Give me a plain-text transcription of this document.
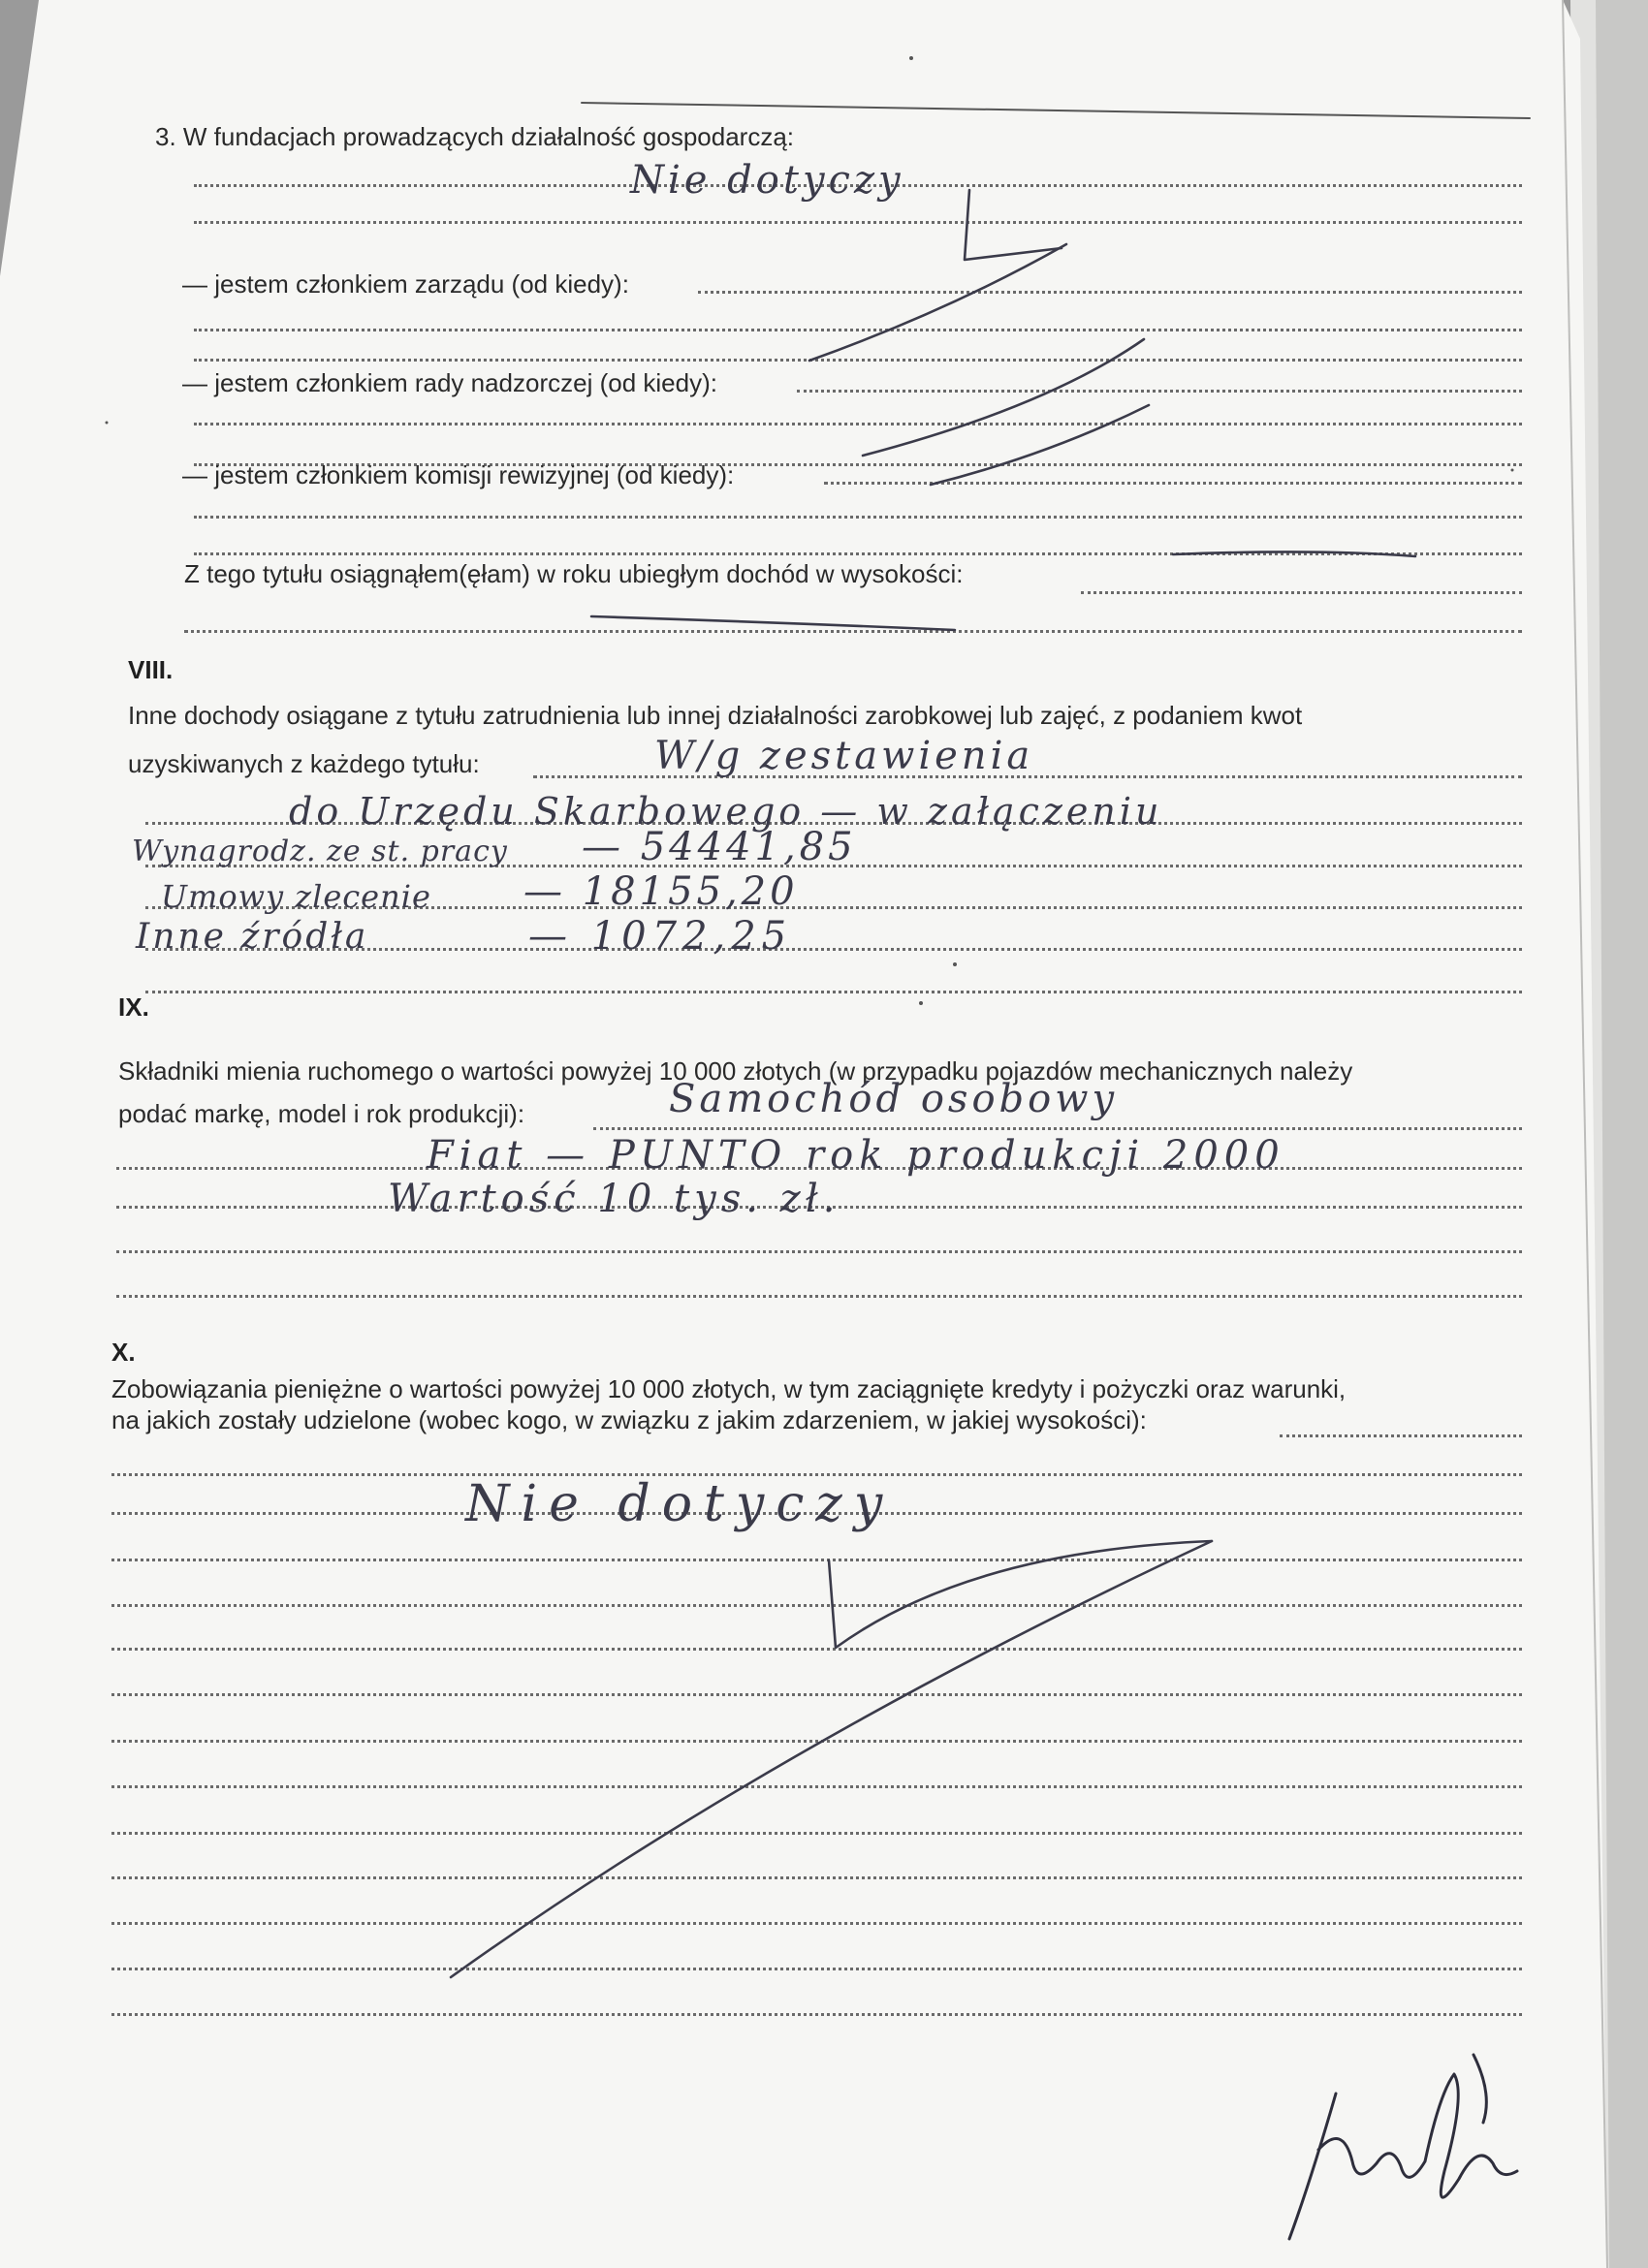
3. W fundacjach prowadzących działalność gospodarczą:
— jestem członkiem zarządu (od kiedy):
— jestem członkiem rady nadzorczej (od kiedy):
— jestem członkiem komisji rewizyjnej (od kiedy):
Z tego tytułu osiągnąłem(ęłam) w roku ubiegłym dochód w wysokości:
VIII.
Inne dochody osiągane z tytułu zatrudnienia lub innej działalności zarobkowej lub zajęć, z podaniem kwot
uzyskiwanych z każdego tytułu:
IX.
Składniki mienia ruchomego o wartości powyżej 10 000 złotych (w przypadku pojazdów mechanicznych należy
podać markę, model i rok produkcji):
X.
Zobowiązania pieniężne o wartości powyżej 10 000 złotych, w tym zaciągnięte kredyty i pożyczki oraz warunki,
na jakich zostały udzielone (wobec kogo, w związku z jakim zdarzeniem, w jakiej wysokości):
Nie dotyczy
W/g zestawienia
do Urzędu Skarbowego — w załączeniu
Wynagrodz. ze st. pracy — 54441,85
Umowy zlecenie — 18155,20
Inne źródła	— 1072,25
Samochód osobowy
Fiat — PUNTO rok produkcji 2000
Wartość 10 tys. zł.
Nie dotyczy
